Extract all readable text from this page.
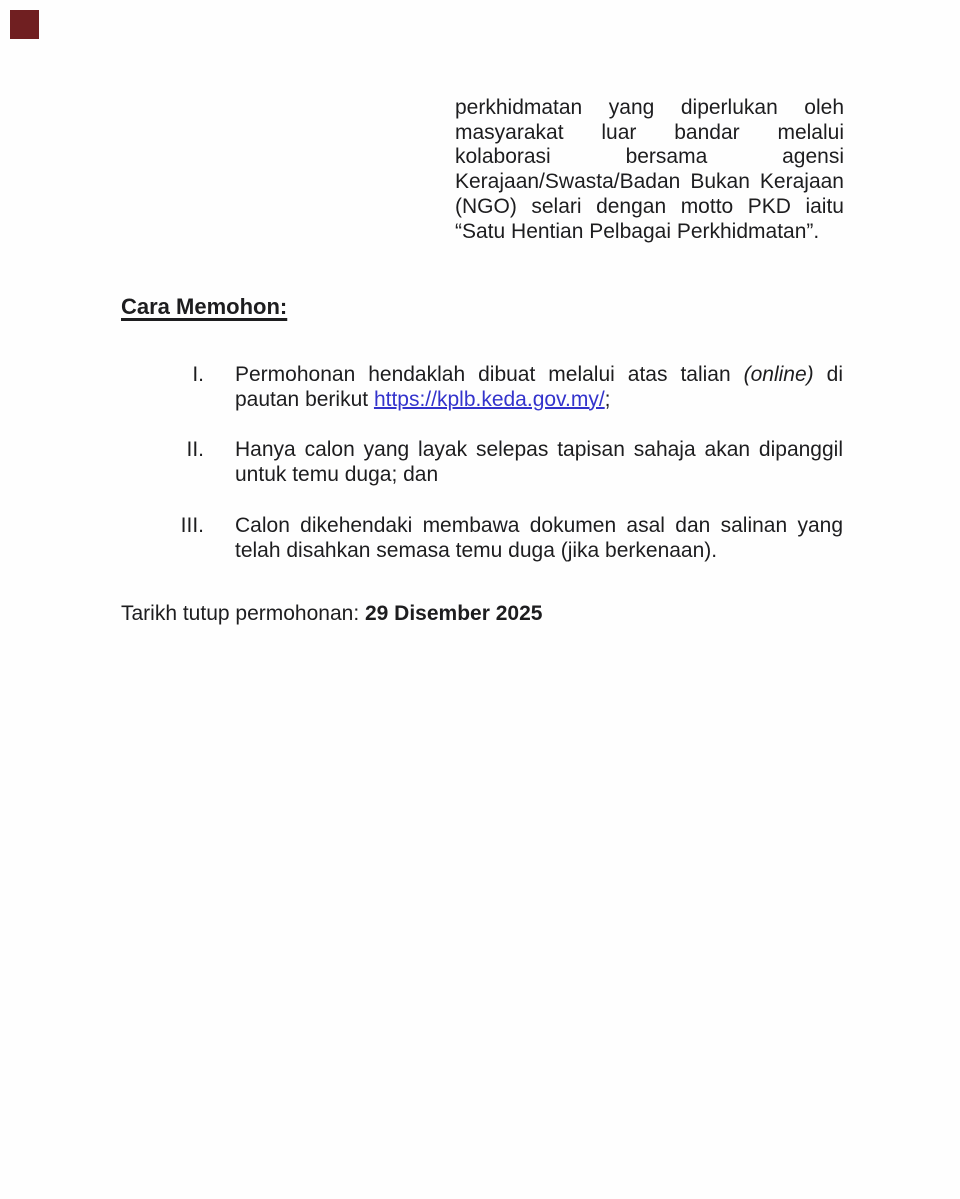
perkhidmatan yang diperlukan oleh
masyarakat luar bandar melalui
kolaborasi bersama agensi
Kerajaan/Swasta/Badan Bukan Kerajaan
(NGO) selari dengan motto PKD iaitu
“Satu Hentian Pelbagai Perkhidmatan”.
Cara Memohon:
I. Permohonan hendaklah dibuat melalui atas talian (online) di
pautan berikut https://kplb.keda.gov.my/;
II. Hanya calon yang layak selepas tapisan sahaja akan dipanggil
untuk temu duga; dan
III. Calon dikehendaki membawa dokumen asal dan salinan yang
telah disahkan semasa temu duga (jika berkenaan).
Tarikh tutup permohonan: 29 Disember 2025
